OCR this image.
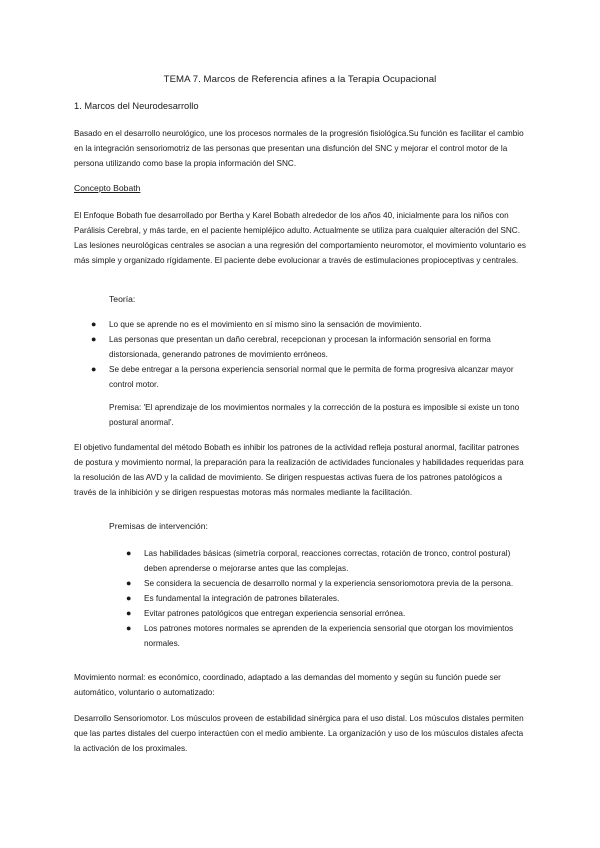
TEMA 7. Marcos de Referencia afines a la Terapia Ocupacional
1. Marcos del Neurodesarrollo

Basado en el desarrollo neurológico, une los procesos normales de la progresión fisiológica.Su función es facilitar el cambio en la integración sensoriomotriz de las personas que presentan una disfunción del SNC y mejorar el control motor de la persona utilizando como base la propia información del SNC.

Concepto Bobath

El Enfoque Bobath fue desarrollado por Bertha y Karel Bobath alrededor de los años 40, inicialmente para los niños con Parálisis Cerebral, y más tarde, en el paciente hemipléjico adulto. Actualmente se utiliza para cualquier alteración del SNC. Las lesiones neurológicas centrales se asocian a una regresión del comportamiento neuromotor, el movimiento voluntario es más simple y organizado rígidamente. El paciente debe evolucionar a través de estimulaciones propioceptivas y centrales.

Teoría:
● Lo que se aprende no es el movimiento en sí mismo sino la sensación de movimiento.
● Las personas que presentan un daño cerebral, recepcionan y procesan la información sensorial en forma distorsionada, generando patrones de movimiento erróneos.
● Se debe entregar a la persona experiencia sensorial normal que le permita de forma progresiva alcanzar mayor control motor.

Premisa: 'El aprendizaje de los movimientos normales y la corrección de la postura es imposible si existe un tono postural anormal'.

El objetivo fundamental del método Bobath es inhibir los patrones de la actividad refleja postural anormal, facilitar patrones de postura y movimiento normal, la preparación para la realización de actividades funcionales y habilidades requeridas para la resolución de las AVD y la calidad de movimiento. Se dirigen respuestas activas fuera de los patrones patológicos a través de la inhibición y se dirigen respuestas motoras más normales mediante la facilitación.

Premisas de intervención:
● Las habilidades básicas (simetría corporal, reacciones correctas, rotación de tronco, control postural) deben aprenderse o mejorarse antes que las complejas.
● Se considera la secuencia de desarrollo normal y la experiencia sensoriomotora previa de la persona.
● Es fundamental la integración de patrones bilaterales.
● Evitar patrones patológicos que entregan experiencia sensorial errónea.
● Los patrones motores normales se aprenden de la experiencia sensorial que otorgan los movimientos normales.

Movimiento normal: es económico, coordinado, adaptado a las demandas del momento y según su función puede ser automático, voluntario o automatizado:

Desarrollo Sensoriomotor. Los músculos proveen de estabilidad sinérgica para el uso distal. Los músculos distales permiten que las partes distales del cuerpo interactúen con el medio ambiente. La organización y uso de los músculos distales afecta la activación de los proximales.
